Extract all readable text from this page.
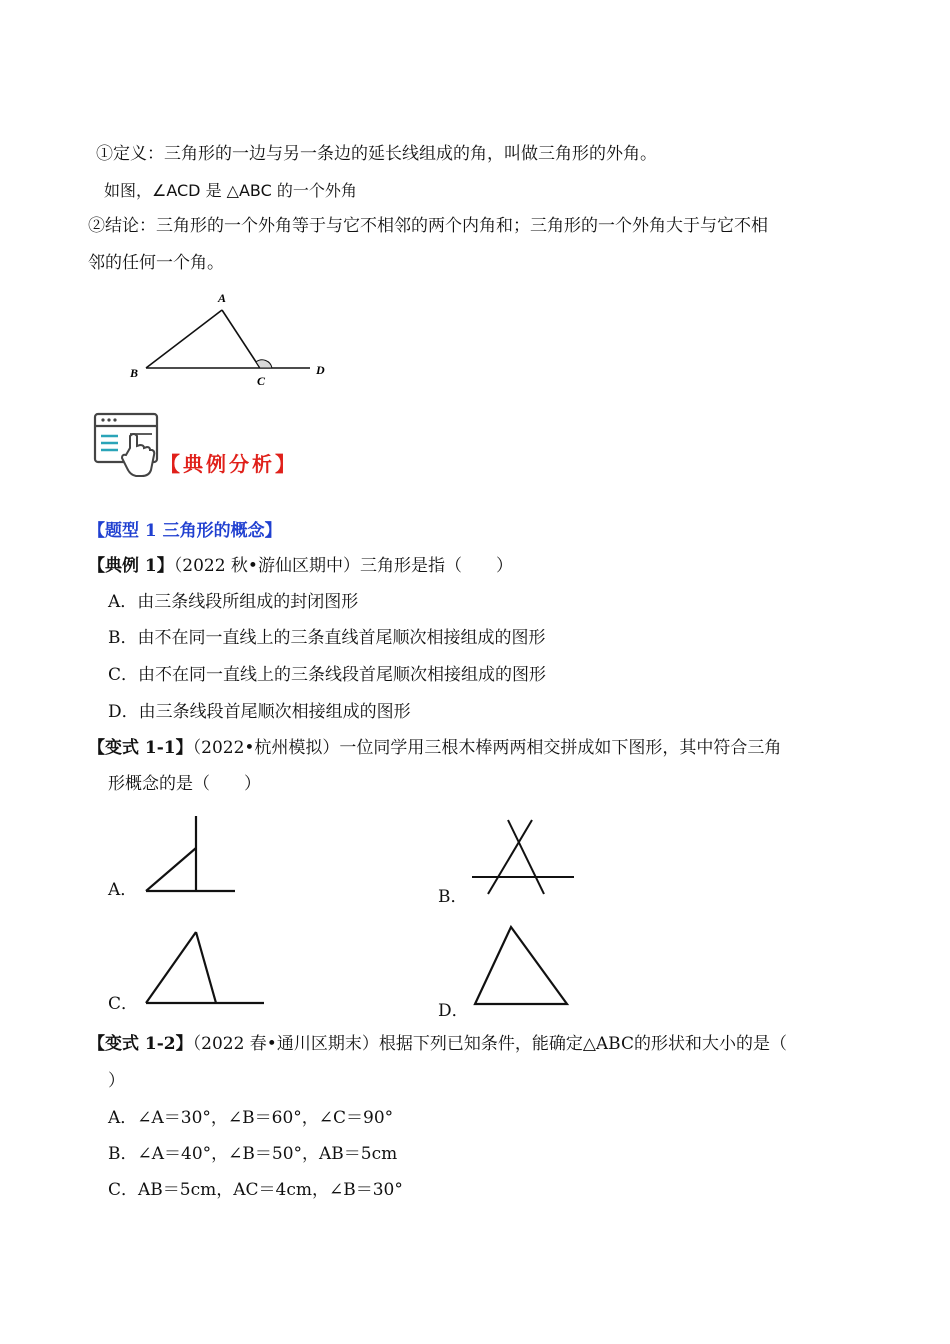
①定义：三角形的一边与另一条边的延长线组成的角，叫做三角形的外角。
如图，∠ACD 是 △ABC 的一个外角
②结论：三角形的一个外角等于与它不相邻的两个内角和；三角形的一个外角大于与它不相
邻的任何一个角。
A
B
C
D
【典例分析】
【题型 1 三角形的概念】
【典例 1】（2022 秋•游仙区期中）三角形是指（　　）
A．由三条线段所组成的封闭图形
B．由不在同一直线上的三条直线首尾顺次相接组成的图形
C．由不在同一直线上的三条线段首尾顺次相接组成的图形
D．由三条线段首尾顺次相接组成的图形
【变式 1-1】（2022•杭州模拟）一位同学用三根木棒两两相交拼成如下图形，其中符合三角
形概念的是（　　）
A．	B．
C．	D．
【变式 1-2】（2022 春•通川区期末）根据下列已知条件，能确定△ABC的形状和大小的是（
）
A．∠A＝30°，∠B＝60°，∠C＝90°
B．∠A＝40°，∠B＝50°，AB＝5cm
C．AB＝5cm，AC＝4cm，∠B＝30°
